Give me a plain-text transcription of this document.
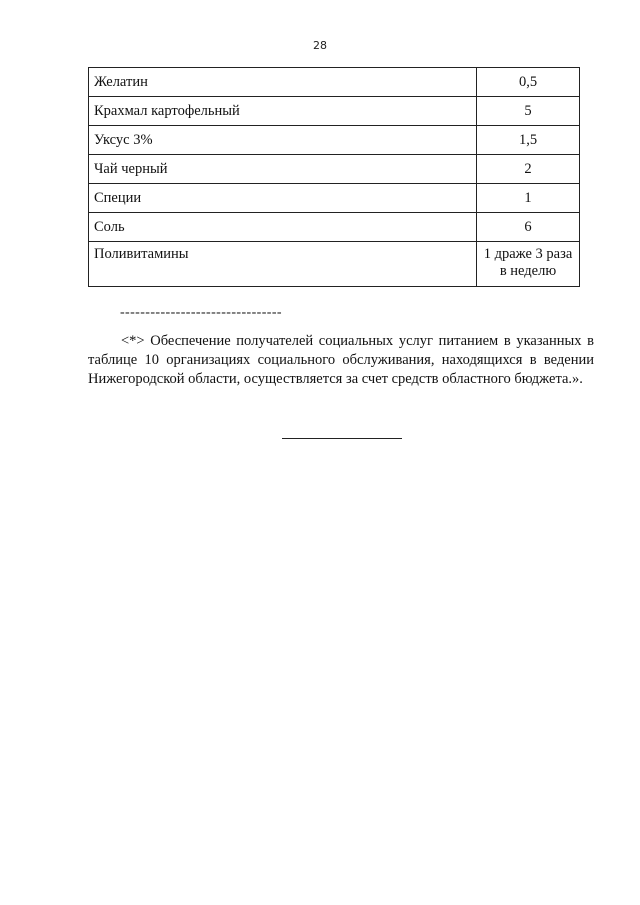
28
Желатин	0,5
Крахмал картофельный	5
Уксус 3%	1,5
Чай черный	2
Специи	1
Соль	6
Поливитамины	1 драже 3 раза
в неделю
--------------------------------

<*> Обеспечение получателей социальных услуг питанием в указанных в таблице 10 организациях социального обслуживания, находящихся в ведении Нижегородской области, осуществляется за счет средств областного бюджета.».
